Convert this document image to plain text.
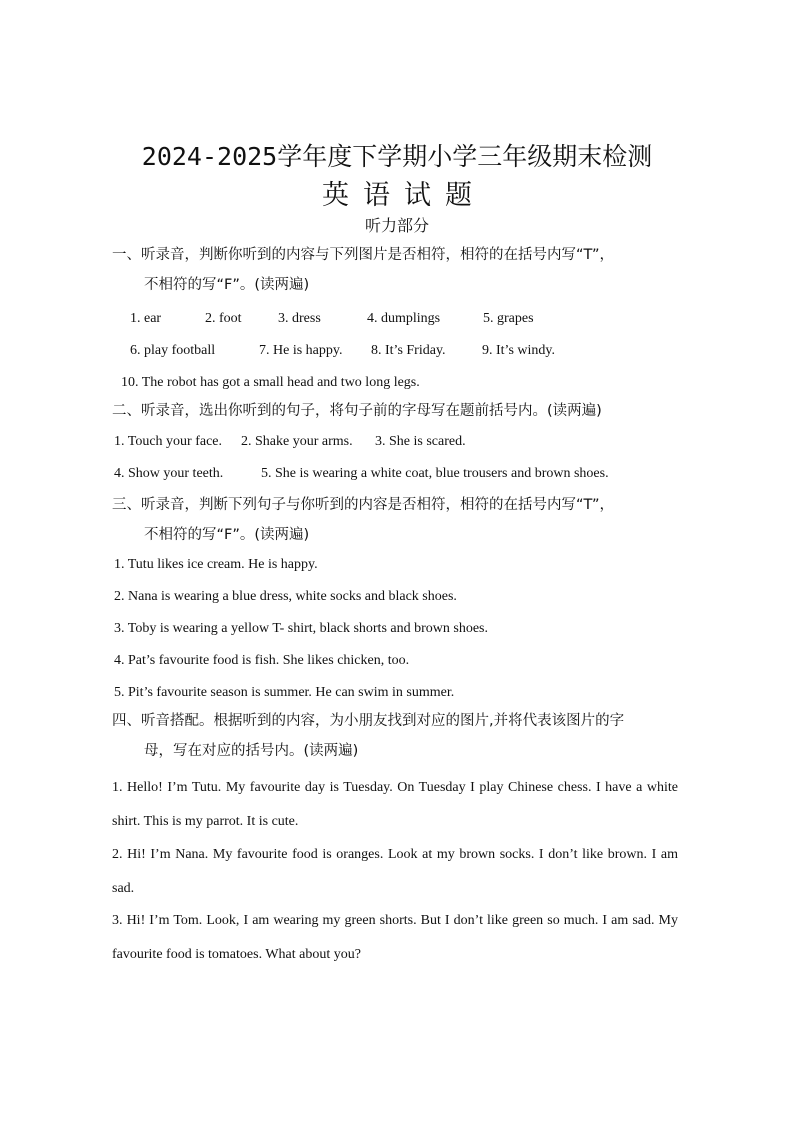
2024-2025学年度下学期小学三年级期末检测
英语试题
听力部分
一、听录音，判断你听到的内容与下列图片是否相符，相符的在括号内写“T”，
不相符的写“F”。(读两遍)
1. ear	2. foot	3. dress	4. dumplings	5. grapes
6. play football	7. He is happy. 8. It’s Friday.	9. It’s windy.
10. The robot has got a small head and two long legs.
二、听录音，选出你听到的句子，将句子前的字母写在题前括号内。(读两遍)
1. Touch your face. 2. Shake your arms. 3. She is scared.
4. Show your teeth.	5. She is wearing a white coat, blue trousers and brown shoes.
三、听录音，判断下列句子与你听到的内容是否相符，相符的在括号内写“T”，
不相符的写“F”。(读两遍)
1. Tutu likes ice cream. He is happy.
2. Nana is wearing a blue dress, white socks and black shoes.
3. Toby is wearing a yellow T- shirt, black shorts and brown shoes.
4. Pat’s favourite food is fish. She likes chicken, too.
5. Pit’s favourite season is summer. He can swim in summer.
四、听音搭配。根据听到的内容，为小朋友找到对应的图片,并将代表该图片的字
母，写在对应的括号内。(读两遍)
1. Hello! I’m Tutu. My favourite day is Tuesday. On Tuesday I play Chinese chess. I have a white shirt. This is my parrot. It is cute.
2. Hi! I’m Nana. My favourite food is oranges. Look at my brown socks. I don’t like brown. I am sad.
3. Hi! I’m Tom. Look, I am wearing my green shorts. But I don’t like green so much. I am sad. My favourite food is tomatoes. What about you?
